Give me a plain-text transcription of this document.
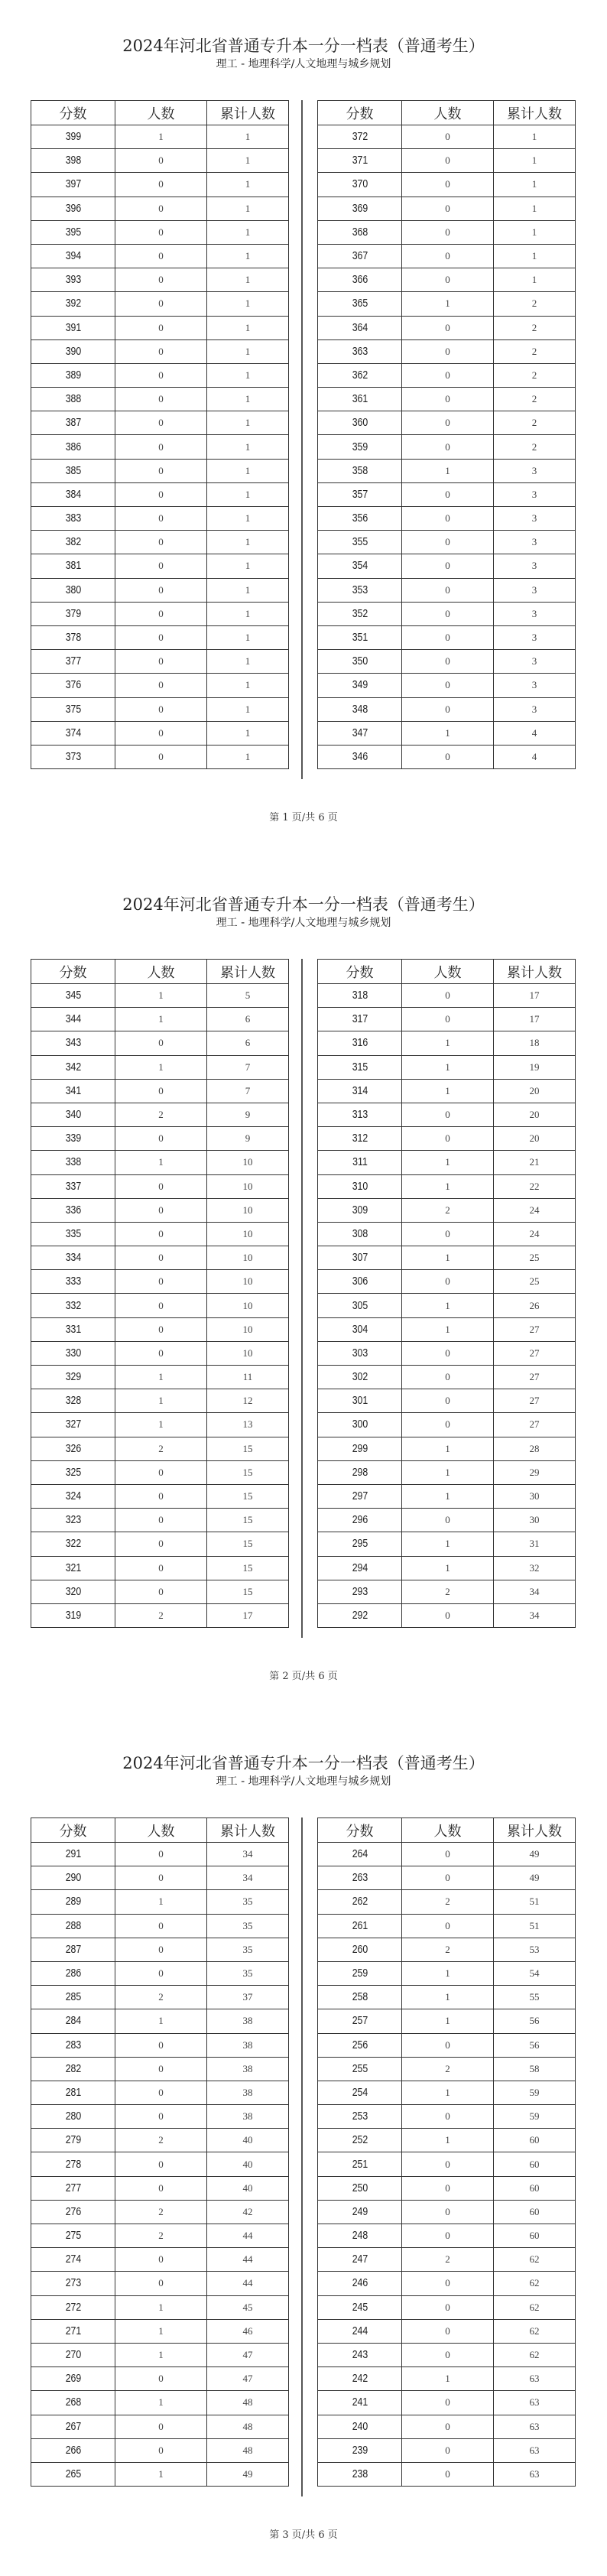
2024年河北省普通专升本一分一档表（普通考生）
理工 - 地理科学/人文地理与城乡规划
分数	人数	累计人数
399	1	1
398	0	1
397	0	1
396	0	1
395	0	1
394	0	1
393	0	1
392	0	1
391	0	1
390	0	1
389	0	1
388	0	1
387	0	1
386	0	1
385	0	1
384	0	1
383	0	1
382	0	1
381	0	1
380	0	1
379	0	1
378	0	1
377	0	1
376	0	1
375	0	1
374	0	1
373	0	1
分数	人数	累计人数
372	0	1
371	0	1
370	0	1
369	0	1
368	0	1
367	0	1
366	0	1
365	1	2
364	0	2
363	0	2
362	0	2
361	0	2
360	0	2
359	0	2
358	1	3
357	0	3
356	0	3
355	0	3
354	0	3
353	0	3
352	0	3
351	0	3
350	0	3
349	0	3
348	0	3
347	1	4
346	0	4
第 1 页/共 6 页
2024年河北省普通专升本一分一档表（普通考生）
理工 - 地理科学/人文地理与城乡规划
分数	人数	累计人数
345	1	5
344	1	6
343	0	6
342	1	7
341	0	7
340	2	9
339	0	9
338	1	10
337	0	10
336	0	10
335	0	10
334	0	10
333	0	10
332	0	10
331	0	10
330	0	10
329	1	11
328	1	12
327	1	13
326	2	15
325	0	15
324	0	15
323	0	15
322	0	15
321	0	15
320	0	15
319	2	17
分数	人数	累计人数
318	0	17
317	0	17
316	1	18
315	1	19
314	1	20
313	0	20
312	0	20
311	1	21
310	1	22
309	2	24
308	0	24
307	1	25
306	0	25
305	1	26
304	1	27
303	0	27
302	0	27
301	0	27
300	0	27
299	1	28
298	1	29
297	1	30
296	0	30
295	1	31
294	1	32
293	2	34
292	0	34
第 2 页/共 6 页
2024年河北省普通专升本一分一档表（普通考生）
理工 - 地理科学/人文地理与城乡规划
分数	人数	累计人数
291	0	34
290	0	34
289	1	35
288	0	35
287	0	35
286	0	35
285	2	37
284	1	38
283	0	38
282	0	38
281	0	38
280	0	38
279	2	40
278	0	40
277	0	40
276	2	42
275	2	44
274	0	44
273	0	44
272	1	45
271	1	46
270	1	47
269	0	47
268	1	48
267	0	48
266	0	48
265	1	49
分数	人数	累计人数
264	0	49
263	0	49
262	2	51
261	0	51
260	2	53
259	1	54
258	1	55
257	1	56
256	0	56
255	2	58
254	1	59
253	0	59
252	1	60
251	0	60
250	0	60
249	0	60
248	0	60
247	2	62
246	0	62
245	0	62
244	0	62
243	0	62
242	1	63
241	0	63
240	0	63
239	0	63
238	0	63
第 3 页/共 6 页
